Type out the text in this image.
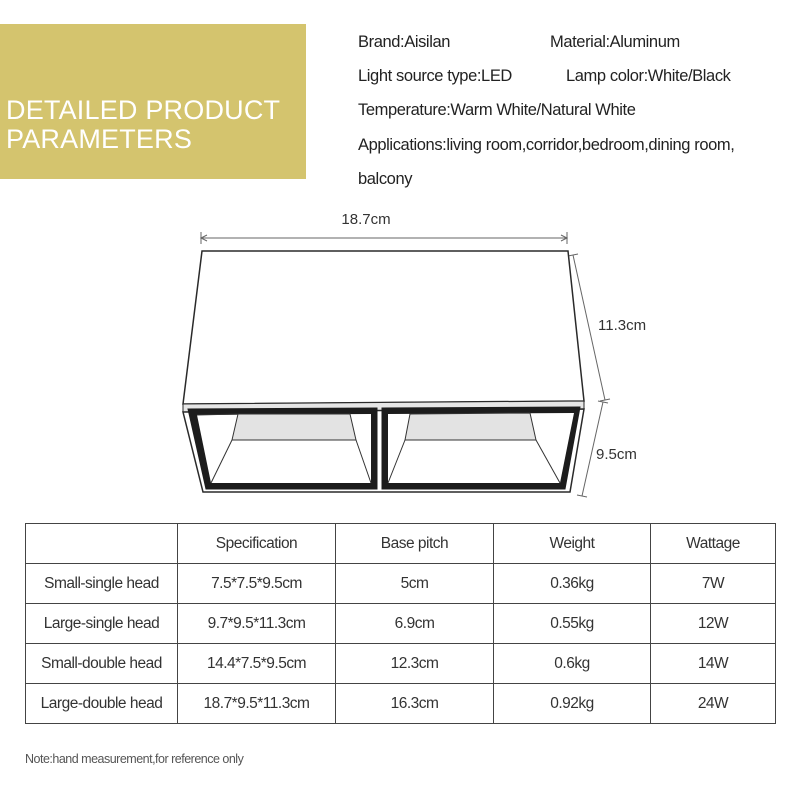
DETAILED PRODUCT PARAMETERS
Brand:Aisilan	Material:Aluminum
Light source type:LED	Lamp color:White/Black
Temperature:Warm White/Natural White
Applications:living room,corridor,bedroom,dining room,
balcony
18.7cm
11.3cm
9.5cm
	Specification	Base pitch	Weight	Wattage
Small-single head	7.5*7.5*9.5cm	5cm	0.36kg	7W
Large-single head	9.7*9.5*11.3cm	6.9cm	0.55kg	12W
Small-double head	14.4*7.5*9.5cm	12.3cm	0.6kg	14W
Large-double head	18.7*9.5*11.3cm	16.3cm	0.92kg	24W
Note:hand measurement,for reference only
